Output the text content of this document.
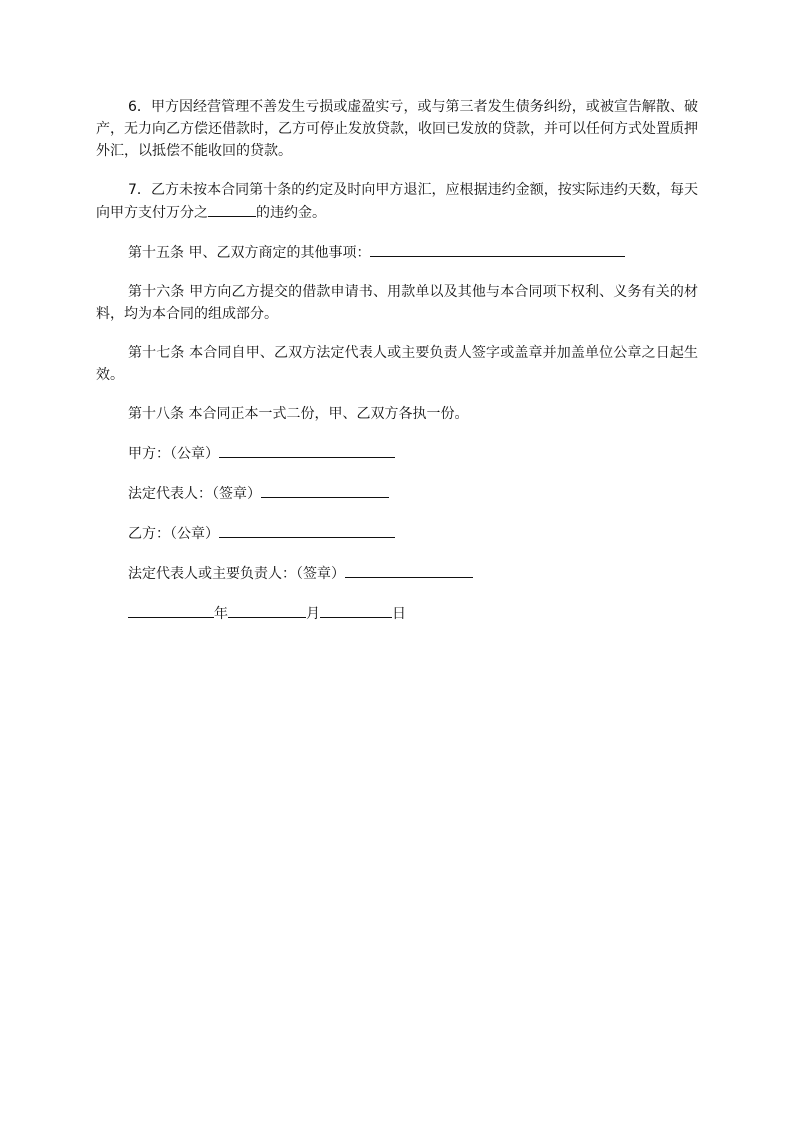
6．甲方因经营管理不善发生亏损或虚盈实亏，或与第三者发生债务纠纷，或被宣告解散、破产，无力向乙方偿还借款时，乙方可停止发放贷款，收回已发放的贷款，并可以任何方式处置质押外汇，以抵偿不能收回的贷款。

7．乙方未按本合同第十条的约定及时向甲方退汇，应根据违约金额，按实际违约天数，每天向甲方支付万分之	的违约金。

第十五条 甲、乙双方商定的其他事项：

第十六条 甲方向乙方提交的借款申请书、用款单以及其他与本合同项下权利、义务有关的材料，均为本合同的组成部分。

第十七条 本合同自甲、乙双方法定代表人或主要负责人签字或盖章并加盖单位公章之日起生效。

第十八条 本合同正本一式二份，甲、乙双方各执一份。

甲方：（公章）

法定代表人：（签章）

乙方：（公章）

法定代表人或主要负责人：（签章）

年	月	日
